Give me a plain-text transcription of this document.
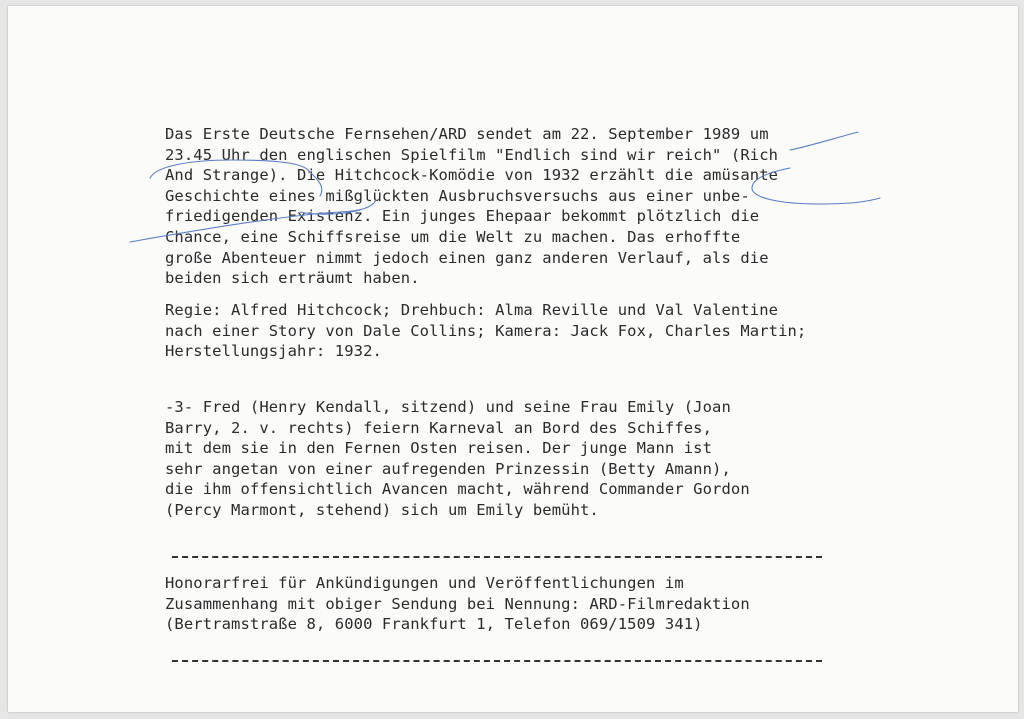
Das Erste Deutsche Fernsehen/ARD sendet am 22. September 1989 um
23.45 Uhr den englischen Spielfilm "Endlich sind wir reich" (Rich
And Strange). Die Hitchcock-Komödie von 1932 erzählt die amüsante
Geschichte eines mißglückten Ausbruchsversuchs aus einer unbe-
friedigenden Existenz. Ein junges Ehepaar bekommt plötzlich die
Chance, eine Schiffsreise um die Welt zu machen. Das erhoffte
große Abenteuer nimmt jedoch einen ganz anderen Verlauf, als die
beiden sich erträumt haben.

Regie: Alfred Hitchcock; Drehbuch: Alma Reville und Val Valentine
nach einer Story von Dale Collins; Kamera: Jack Fox, Charles Martin;
Herstellungsjahr: 1932.

-3- Fred (Henry Kendall, sitzend) und seine Frau Emily (Joan
Barry, 2. v. rechts) feiern Karneval an Bord des Schiffes,
mit dem sie in den Fernen Osten reisen. Der junge Mann ist
sehr angetan von einer aufregenden Prinzessin (Betty Amann),
die ihm offensichtlich Avancen macht, während Commander Gordon
(Percy Marmont, stehend) sich um Emily bemüht.

Honorarfrei für Ankündigungen und Veröffentlichungen im
Zusammenhang mit obiger Sendung bei Nennung: ARD-Filmredaktion
(Bertramstraße 8, 6000 Frankfurt 1, Telefon 069/1509 341)
